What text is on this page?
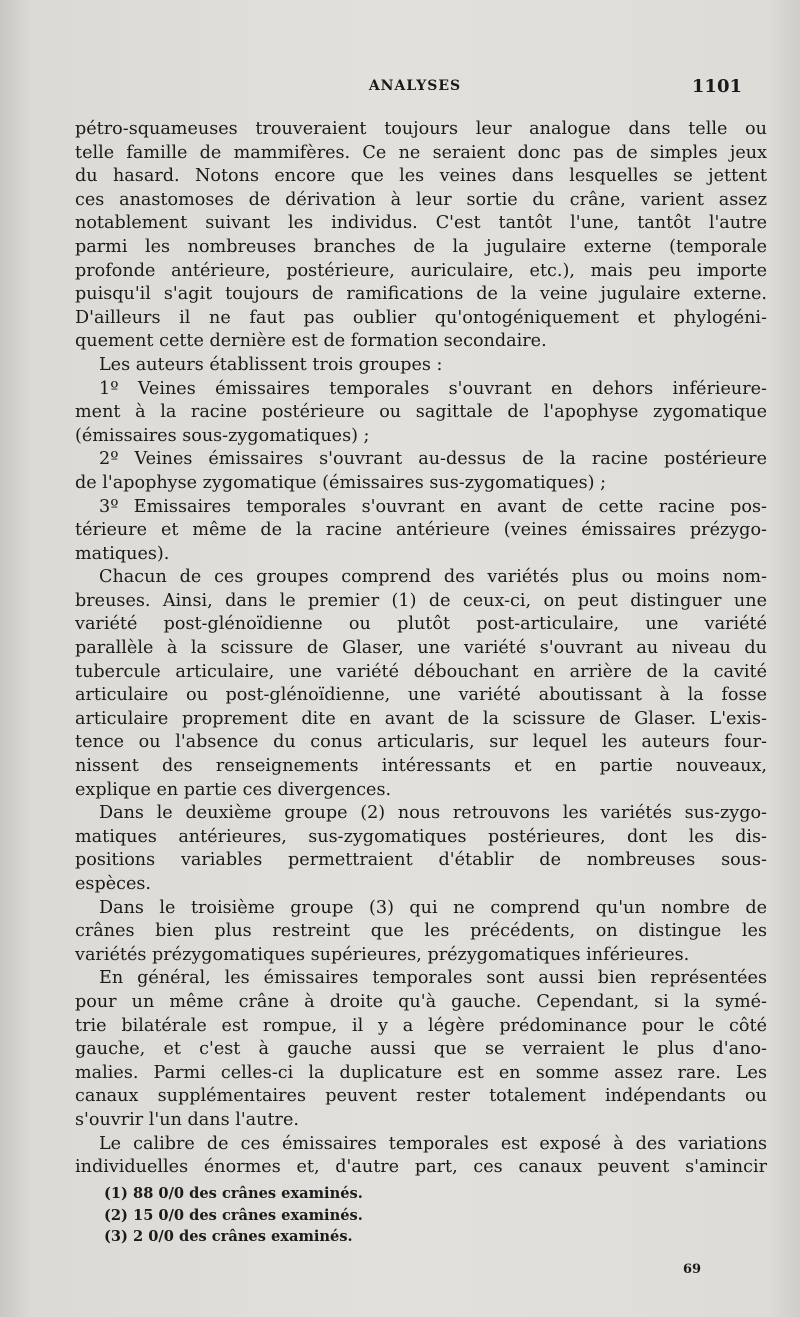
ANALYSES	1101
pétro-squameuses trouveraient toujours leur analogue dans telle ou
telle famille de mammifères. Ce ne seraient donc pas de simples jeux
du hasard. Notons encore que les veines dans lesquelles se jettent
ces anastomoses de dérivation à leur sortie du crâne, varient assez
notablement suivant les individus. C'est tantôt l'une, tantôt l'autre
parmi les nombreuses branches de la jugulaire externe (temporale
profonde antérieure, postérieure, auriculaire, etc.), mais peu importe
puisqu'il s'agit toujours de ramifications de la veine jugulaire externe.
D'ailleurs il ne faut pas oublier qu'ontogéniquement et phylogéni-
quement cette dernière est de formation secondaire.
Les auteurs établissent trois groupes :
1º Veines émissaires temporales s'ouvrant en dehors inférieure-
ment à la racine postérieure ou sagittale de l'apophyse zygomatique
(émissaires sous-zygomatiques) ;
2º Veines émissaires s'ouvrant au-dessus de la racine postérieure
de l'apophyse zygomatique (émissaires sus-zygomatiques) ;
3º Emissaires temporales s'ouvrant en avant de cette racine pos-
térieure et même de la racine antérieure (veines émissaires prézygo-
matiques).
Chacun de ces groupes comprend des variétés plus ou moins nom-
breuses. Ainsi, dans le premier (1) de ceux-ci, on peut distinguer une
variété post-glénoïdienne ou plutôt post-articulaire, une variété
parallèle à la scissure de Glaser, une variété s'ouvrant au niveau du
tubercule articulaire, une variété débouchant en arrière de la cavité
articulaire ou post-glénoïdienne, une variété aboutissant à la fosse
articulaire proprement dite en avant de la scissure de Glaser. L'exis-
tence ou l'absence du conus articularis, sur lequel les auteurs four-
nissent des renseignements intéressants et en partie nouveaux,
explique en partie ces divergences.
Dans le deuxième groupe (2) nous retrouvons les variétés sus-zygo-
matiques antérieures, sus-zygomatiques postérieures, dont les dis-
positions variables permettraient d'établir de nombreuses sous-
espèces.
Dans le troisième groupe (3) qui ne comprend qu'un nombre de
crânes bien plus restreint que les précédents, on distingue les
variétés prézygomatiques supérieures, prézygomatiques inférieures.
En général, les émissaires temporales sont aussi bien représentées
pour un même crâne à droite qu'à gauche. Cependant, si la symé-
trie bilatérale est rompue, il y a légère prédominance pour le côté
gauche, et c'est à gauche aussi que se verraient le plus d'ano-
malies. Parmi celles-ci la duplicature est en somme assez rare. Les
canaux supplémentaires peuvent rester totalement indépendants ou
s'ouvrir l'un dans l'autre.
Le calibre de ces émissaires temporales est exposé à des variations
individuelles énormes et, d'autre part, ces canaux peuvent s'amincir
(1) 88 0/0 des crânes examinés.
(2) 15 0/0 des crânes examinés.
(3) 2 0/0 des crânes examinés.
69
